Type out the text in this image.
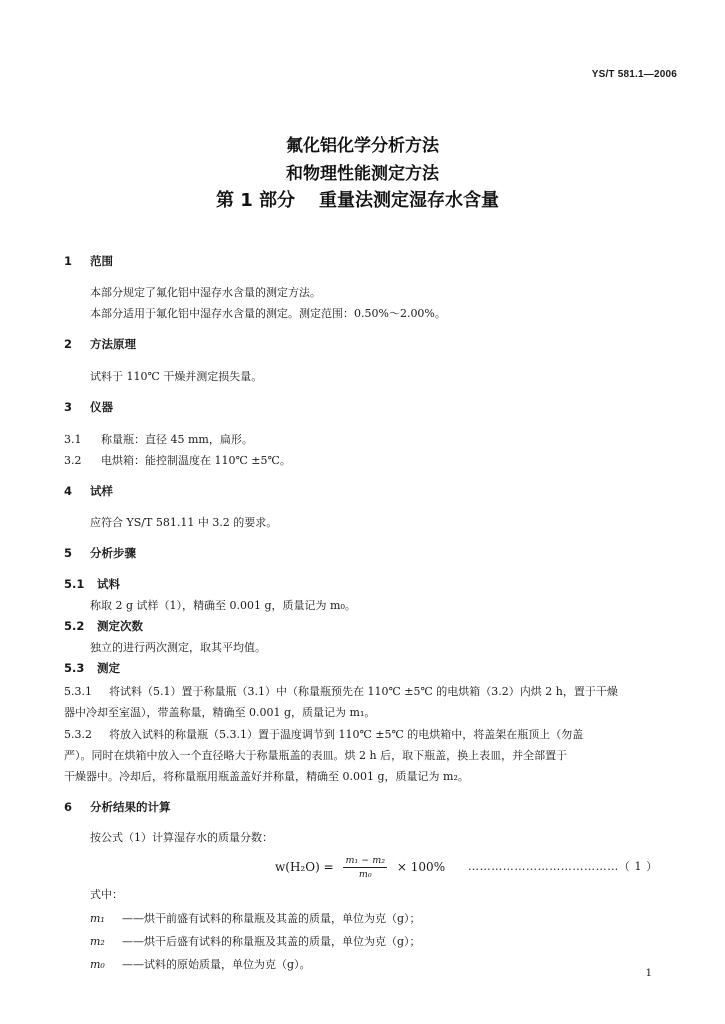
YS/T 581.1—2006
氟化铝化学分析方法
和物理性能测定方法
第 1 部分 重量法测定湿存水含量
1 范围
本部分规定了氟化铝中湿存水含量的测定方法。
本部分适用于氟化铝中湿存水含量的测定。测定范围：0.50%～2.00%。
2 方法原理
试料于 110℃ 干燥并测定损失量。
3 仪器
3.1 称量瓶：直径 45 mm，扁形。
3.2 电烘箱：能控制温度在 110℃ ±5℃。
4 试样
应符合 YS/T 581.11 中 3.2 的要求。
5 分析步骤
5.1 试料
称取 2 g 试样（1），精确至 0.001 g，质量记为 m₀。
5.2 测定次数
独立的进行两次测定，取其平均值。
5.3 测定
5.3.1 将试料（5.1）置于称量瓶（3.1）中（称量瓶预先在 110℃ ±5℃ 的电烘箱（3.2）内烘 2 h，置于干燥
器中冷却至室温），带盖称量，精确至 0.001 g，质量记为 m₁。
5.3.2 将放入试料的称量瓶（5.3.1）置于温度调节到 110℃ ±5℃ 的电烘箱中，将盖架在瓶顶上（勿盖
严）。同时在烘箱中放入一个直径略大于称量瓶盖的表皿。烘 2 h 后，取下瓶盖，换上表皿，并全部置于
干燥器中。冷却后，将称量瓶用瓶盖盖好并称量，精确至 0.001 g，质量记为 m₂。
6 分析结果的计算
按公式（1）计算湿存水的质量分数：
$w(H_2O) = \frac{\text{m₁ − m₂}}{\text{m₀}} \times 100\%$ …………………………………（ 1 ）
式中：
m₁ ——烘干前盛有试料的称量瓶及其盖的质量，单位为克（g）；
m₂ ——烘干后盛有试料的称量瓶及其盖的质量，单位为克（g）；
m₀ ——试料的原始质量，单位为克（g）。
1
